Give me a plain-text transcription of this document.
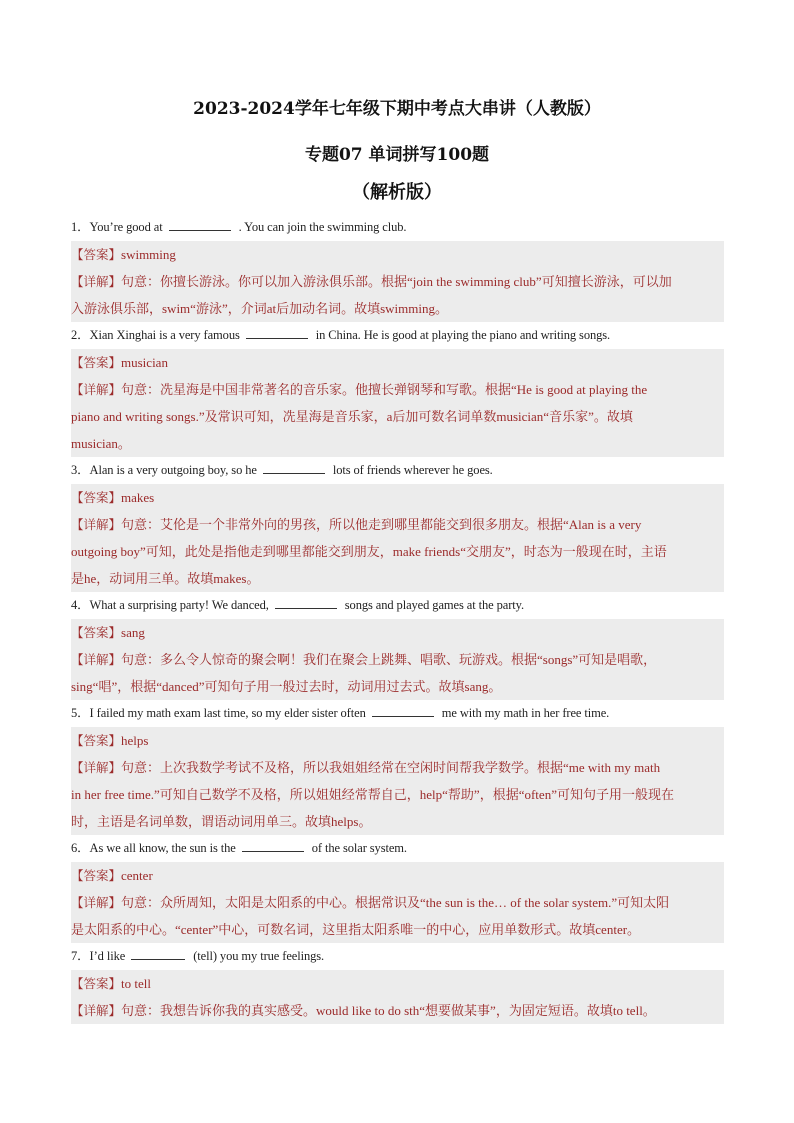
2023-2024学年七年级下期中考点大串讲（人教版）
专题07 单词拼写100题
（解析版）
1．You’re good at	. You can join the swimming club.
【答案】swimming
【详解】句意：你擅长游泳。你可以加入游泳俱乐部。根据“join the swimming club”可知擅长游泳，可以加
入游泳俱乐部，swim“游泳”，介词at后加动名词。故填swimming。
2．Xian Xinghai is a very famous	in China. He is good at playing the piano and writing songs.
【答案】musician
【详解】句意：冼星海是中国非常著名的音乐家。他擅长弹钢琴和写歌。根据“He is good at playing the
piano and writing songs.”及常识可知，冼星海是音乐家，a后加可数名词单数musician“音乐家”。故填
musician。
3．Alan is a very outgoing boy, so he	lots of friends wherever he goes.
【答案】makes
【详解】句意：艾伦是一个非常外向的男孩，所以他走到哪里都能交到很多朋友。根据“Alan is a very
outgoing boy”可知，此处是指他走到哪里都能交到朋友，make friends“交朋友”，时态为一般现在时，主语
是he，动词用三单。故填makes。
4．What a surprising party! We danced,	songs and played games at the party.
【答案】sang
【详解】句意：多么令人惊奇的聚会啊！我们在聚会上跳舞、唱歌、玩游戏。根据“songs”可知是唱歌，
sing“唱”，根据“danced”可知句子用一般过去时，动词用过去式。故填sang。
5．I failed my math exam last time, so my elder sister often	me with my math in her free time.
【答案】helps
【详解】句意：上次我数学考试不及格，所以我姐姐经常在空闲时间帮我学数学。根据“me with my math
in her free time.”可知自己数学不及格，所以姐姐经常帮自己，help“帮助”，根据“often”可知句子用一般现在
时，主语是名词单数，谓语动词用单三。故填helps。
6．As we all know, the sun is the	of the solar system.
【答案】center
【详解】句意：众所周知，太阳是太阳系的中心。根据常识及“the sun is the… of the solar system.”可知太阳
是太阳系的中心。“center”中心，可数名词，这里指太阳系唯一的中心，应用单数形式。故填center。
7．I’d like	(tell) you my true feelings.
【答案】to tell
【详解】句意：我想告诉你我的真实感受。would like to do sth“想要做某事”，为固定短语。故填to tell。
